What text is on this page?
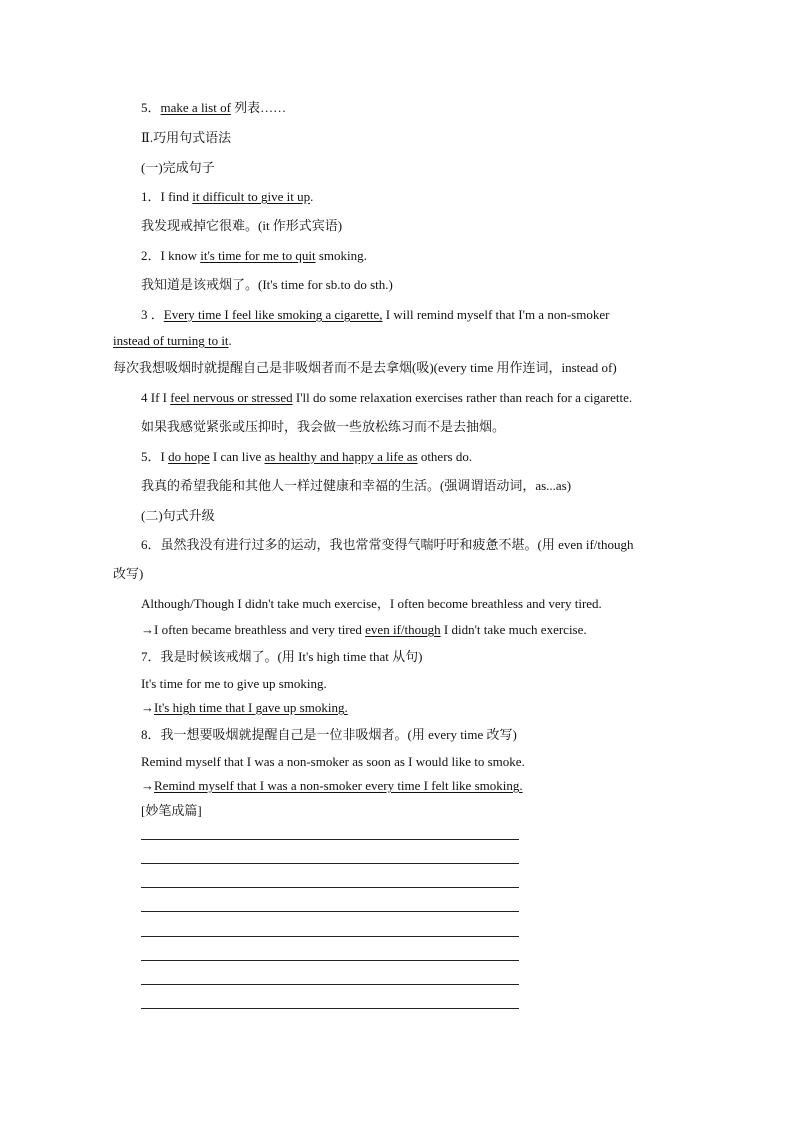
5．make a list of 列表……
Ⅱ.巧用句式语法
(一)完成句子
1．I find it difficult to give it up.
我发现戒掉它很难。(it 作形式宾语)
2．I know it's time for me to quit smoking.
我知道是该戒烟了。(It's time for sb.to do sth.)
3 ．Every time I feel like smoking a cigarette, I will remind myself that I'm a non-smoker
instead of turning to it.
每次我想吸烟时就提醒自己是非吸烟者而不是去拿烟(吸)(every time 用作连词，instead of)
4 If I feel nervous or stressed I'll do some relaxation exercises rather than reach for a cigarette.
如果我感觉紧张或压抑时，我会做一些放松练习而不是去抽烟。
5．I do hope I can live as healthy and happy a life as others do.
我真的希望我能和其他人一样过健康和幸福的生活。(强调谓语动词，as...as)
(二)句式升级
6．虽然我没有进行过多的运动，我也常常变得气喘吁吁和疲惫不堪。(用 even if/though
改写)
Although/Though I didn't take much exercise，I often become breathless and very tired.
→I often became breathless and very tired even if/though I didn't take much exercise.
7．我是时候该戒烟了。(用 It's high time that 从句)
It's time for me to give up smoking.
→It's high time that I gave up smoking.
8．我一想要吸烟就提醒自己是一位非吸烟者。(用 every time 改写)
Remind myself that I was a non-smoker as soon as I would like to smoke.
→Remind myself that I was a non-smoker every time I felt like smoking.
[妙笔成篇]
